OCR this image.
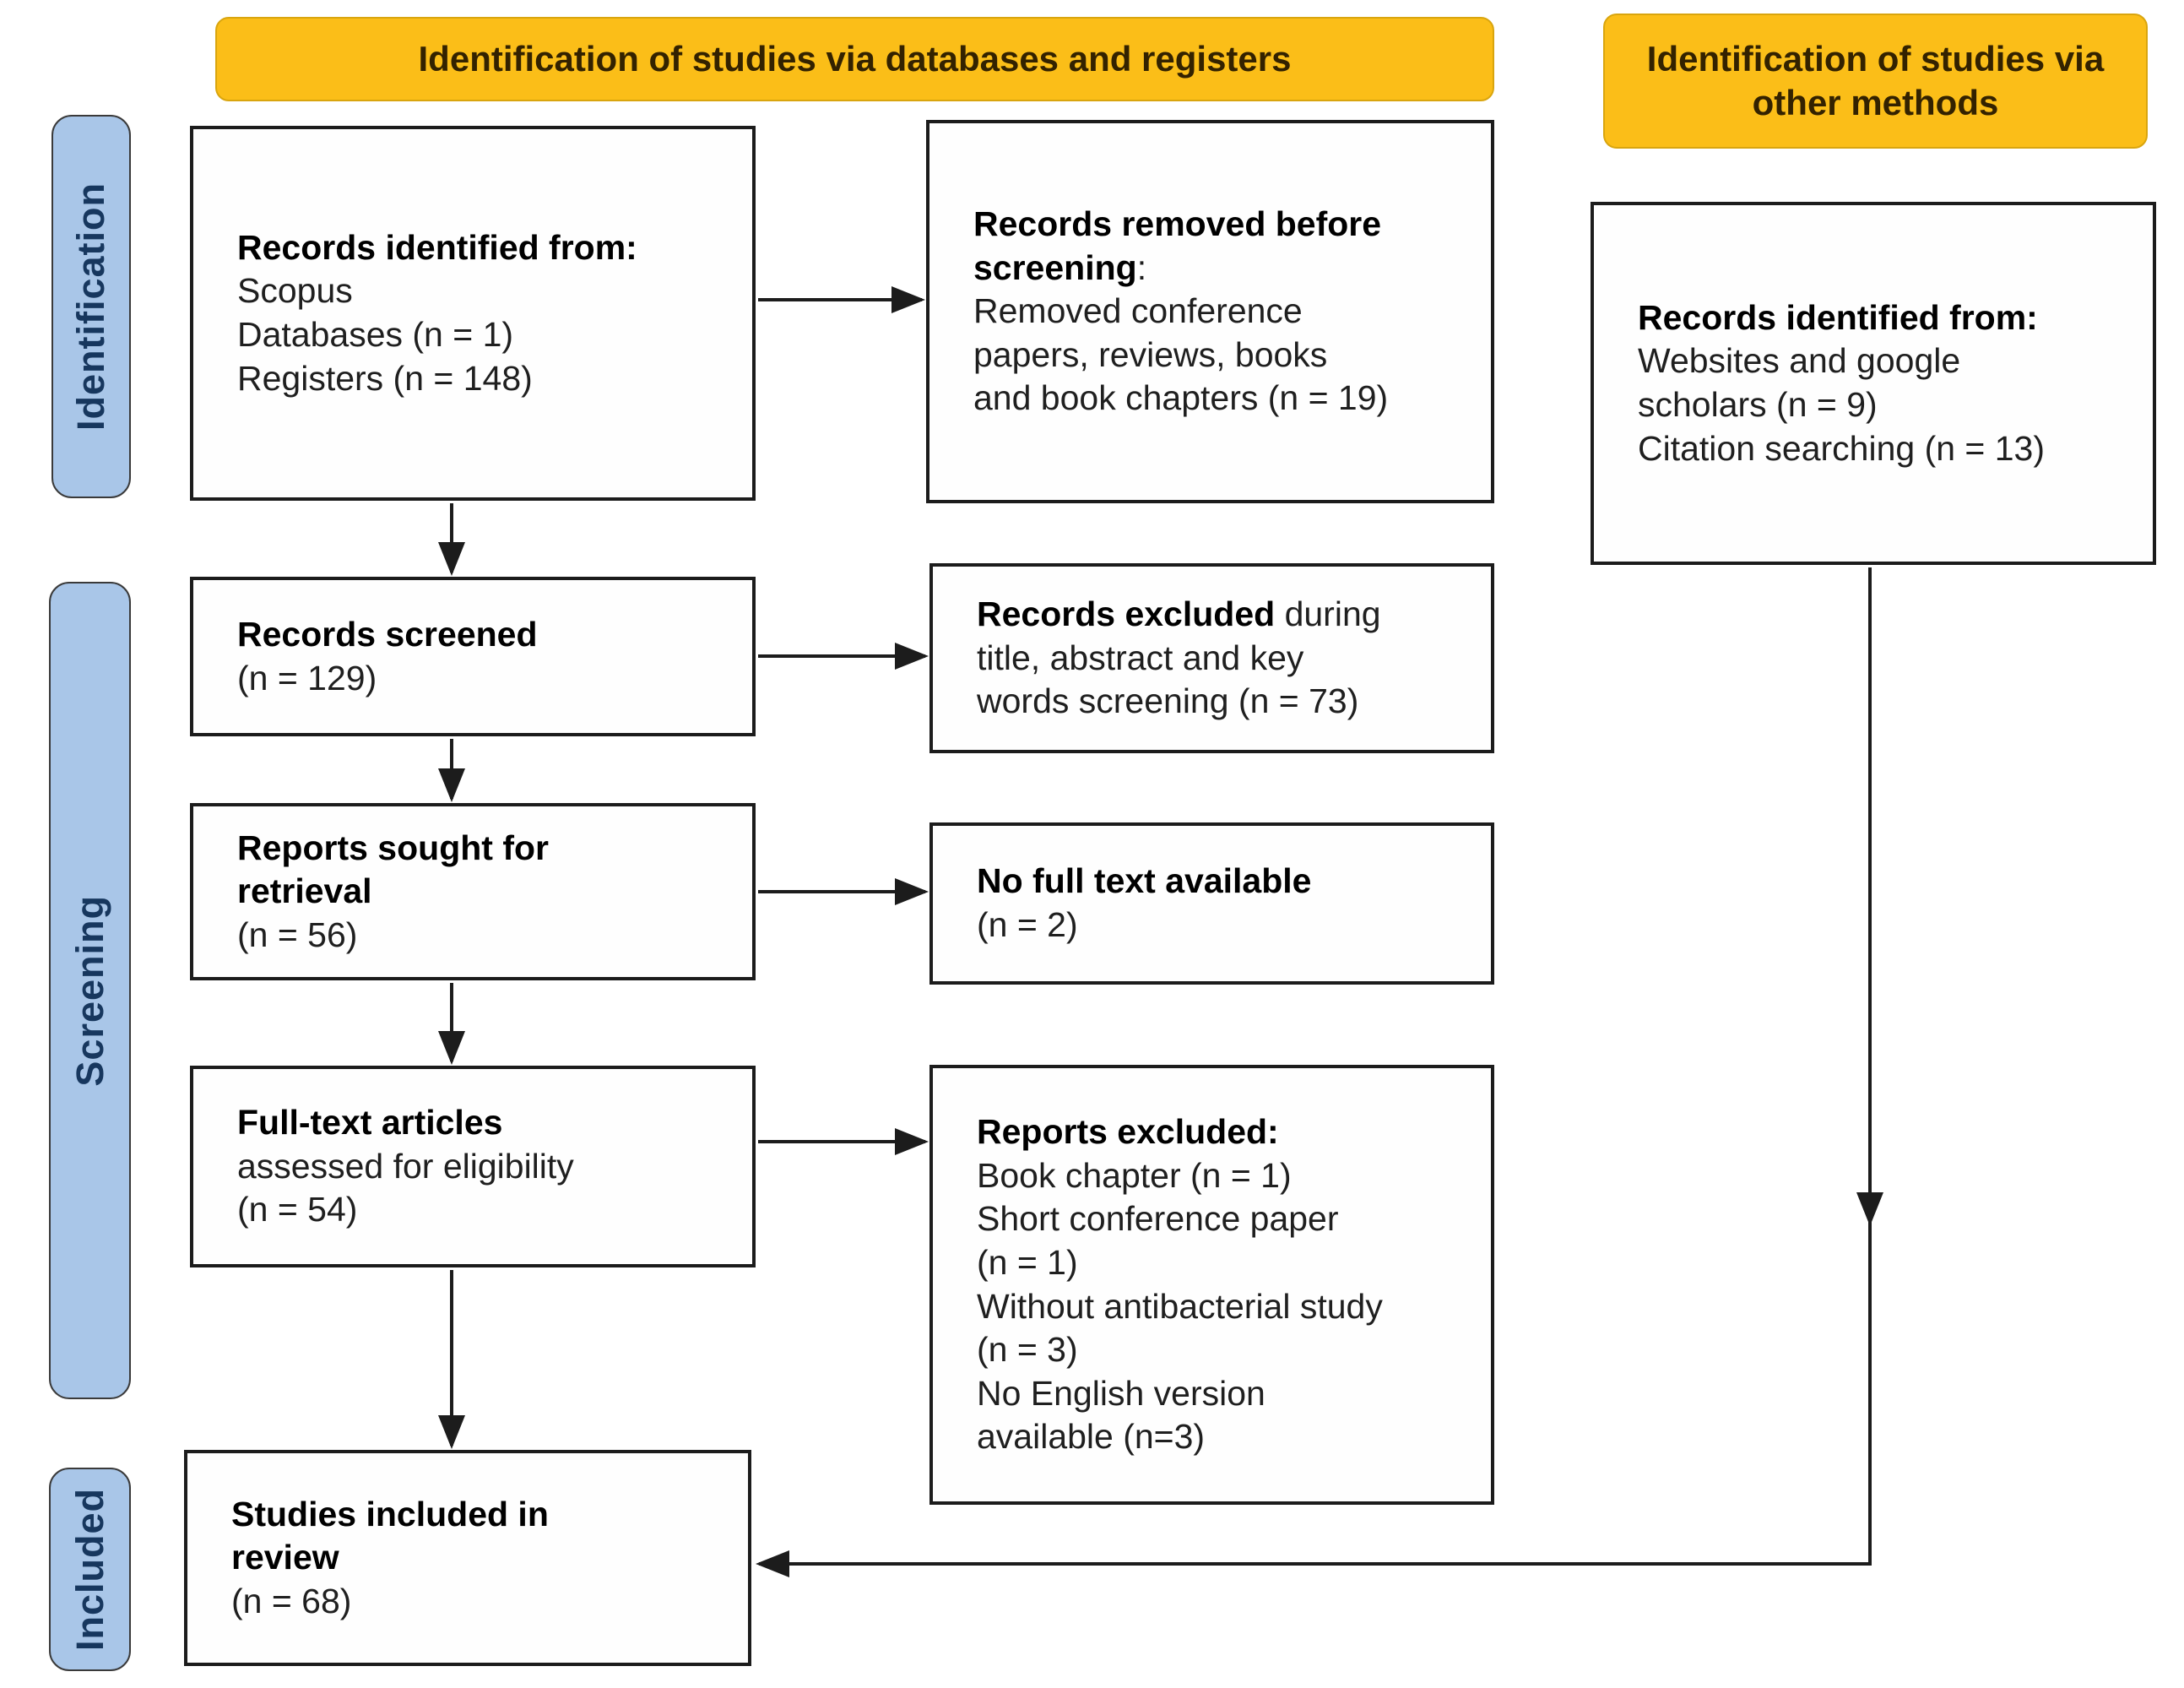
Identification of studies via databases and registers	Identification of studies via
other methods
Identification
Screening
Included
Records identified from:
Scopus
Databases (n = 1)
Registers (n = 148)
Records removed before
screening:
Removed conference
papers, reviews, books
and book chapters (n = 19)
Records identified from:
Websites and google
scholars (n = 9)
Citation searching (n = 13)
Records screened
(n = 129)
Records excluded during
title, abstract and key
words screening (n = 73)
Reports sought for
retrieval
(n = 56)
No full text available
(n = 2)
Full-text articles
assessed for eligibility
(n = 54)
Reports excluded:
Book chapter (n = 1)
Short conference paper
(n = 1)
Without antibacterial study
(n = 3)
No English version
available (n=3)
Studies included in
review
(n = 68)
